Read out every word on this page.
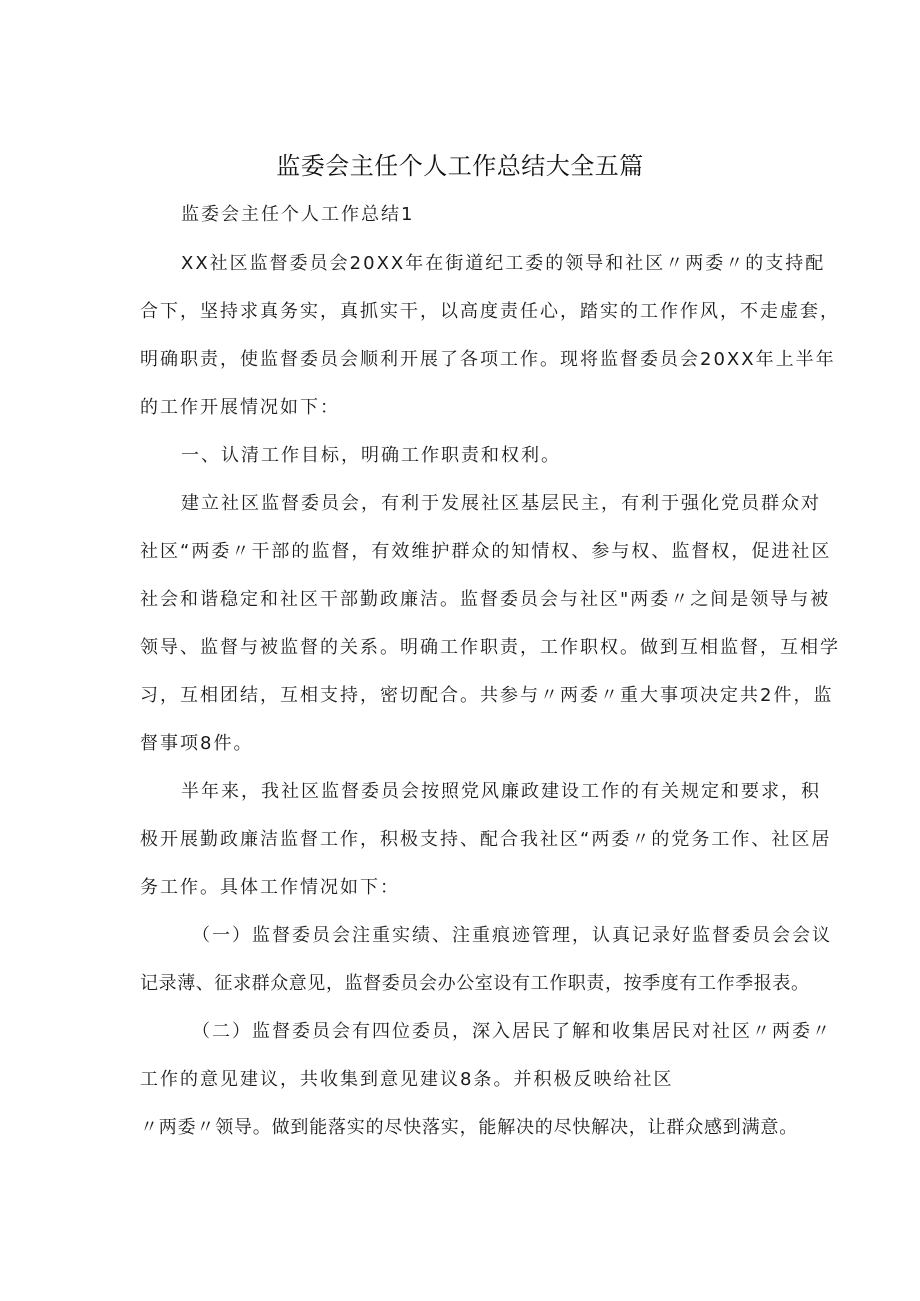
监委会主任个人工作总结大全五篇
监委会主任个人工作总结1
XX社区监督委员会20XX年在街道纪工委的领导和社区〃两委〃的支持配
合下，坚持求真务实，真抓实干，以高度责任心，踏实的工作作风，不走虚套，
明确职责，使监督委员会顺利开展了各项工作。现将监督委员会20XX年上半年
的工作开展情况如下：
一、认清工作目标，明确工作职责和权利。
建立社区监督委员会，有利于发展社区基层民主，有利于强化党员群众对
社区“两委〃干部的监督，有效维护群众的知情权、参与权、监督权，促进社区
社会和谐稳定和社区干部勤政廉洁。监督委员会与社区"两委〃之间是领导与被
领导、监督与被监督的关系。明确工作职责，工作职权。做到互相监督，互相学
习，互相团结，互相支持，密切配合。共参与〃两委〃重大事项决定共2件，监
督事项8件。
半年来，我社区监督委员会按照党风廉政建设工作的有关规定和要求，积
极开展勤政廉洁监督工作，积极支持、配合我社区“两委〃的党务工作、社区居
务工作。具体工作情况如下：
（一）监督委员会注重实绩、注重痕迹管理，认真记录好监督委员会会议
记录薄、征求群众意见，监督委员会办公室设有工作职责，按季度有工作季报表。
（二）监督委员会有四位委员，深入居民了解和收集居民对社区〃两委〃
工作的意见建议，共收集到意见建议8条。并积极反映给社区
〃两委〃领导。做到能落实的尽快落实，能解决的尽快解决，让群众感到满意。
